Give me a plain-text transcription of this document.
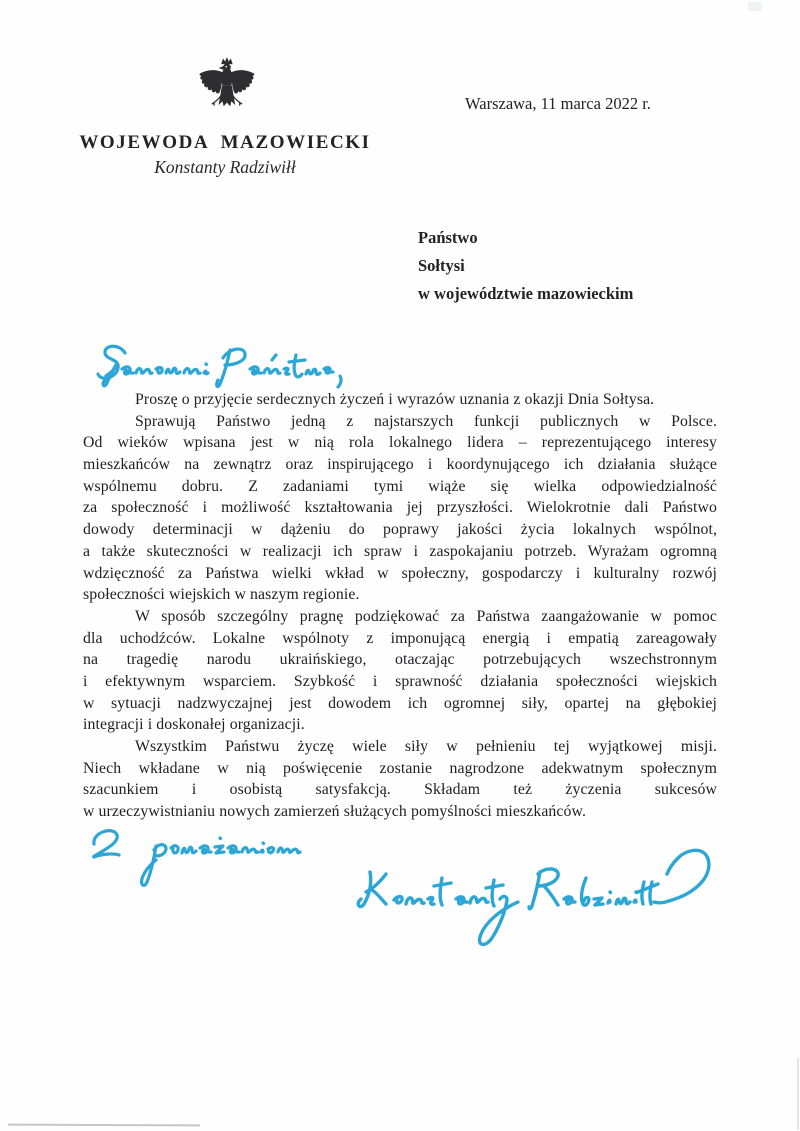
WOJEWODA MAZOWIECKI
Konstanty Radziwiłł
Warszawa, 11 marca 2022 r.
Państwo
Sołtysi
w województwie mazowieckim
Proszę o przyjęcie serdecznych życzeń i wyrazów uznania z okazji Dnia Sołtysa.
Sprawują Państwo jedną z najstarszych funkcji publicznych w Polsce.
Od wieków wpisana jest w nią rola lokalnego lidera – reprezentującego interesy
mieszkańców na zewnątrz oraz inspirującego i koordynującego ich działania służące
wspólnemu dobru. Z zadaniami tymi wiąże się wielka odpowiedzialność
za społeczność i możliwość kształtowania jej przyszłości. Wielokrotnie dali Państwo
dowody determinacji w dążeniu do poprawy jakości życia lokalnych wspólnot,
a także skuteczności w realizacji ich spraw i zaspokajaniu potrzeb. Wyrażam ogromną
wdzięczność za Państwa wielki wkład w społeczny, gospodarczy i kulturalny rozwój
społeczności wiejskich w naszym regionie.
W sposób szczególny pragnę podziękować za Państwa zaangażowanie w pomoc
dla uchodźców. Lokalne wspólnoty z imponującą energią i empatią zareagowały
na tragedię narodu ukraińskiego, otaczając potrzebujących wszechstronnym
i efektywnym wsparciem. Szybkość i sprawność działania społeczności wiejskich
w sytuacji nadzwyczajnej jest dowodem ich ogromnej siły, opartej na głębokiej
integracji i doskonałej organizacji.
Wszystkim Państwu życzę wiele siły w pełnieniu tej wyjątkowej misji.
Niech wkładane w nią poświęcenie zostanie nagrodzone adekwatnym społecznym
szacunkiem i osobistą satysfakcją. Składam też życzenia sukcesów
w urzeczywistnianiu nowych zamierzeń służących pomyślności mieszkańców.
